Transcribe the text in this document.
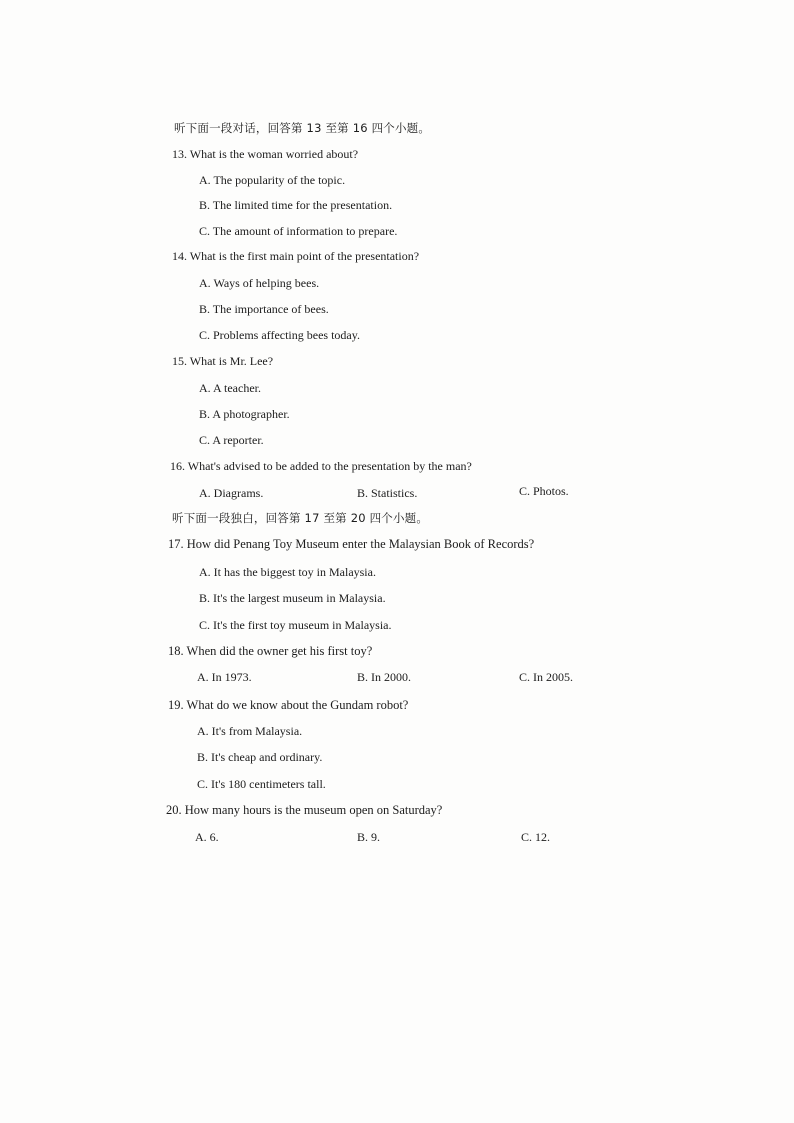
听下面一段对话，回答第 13 至第 16 四个小题。
13. What is the woman worried about?
A. The popularity of the topic.
B. The limited time for the presentation.
C. The amount of information to prepare.
14. What is the first main point of the presentation?
A. Ways of helping bees.
B. The importance of bees.
C. Problems affecting bees today.
15. What is Mr. Lee?
A. A teacher.
B. A photographer.
C. A reporter.
16. What's advised to be added to the presentation by the man?
A. Diagrams.	B. Statistics.	C. Photos.
听下面一段独白，回答第 17 至第 20 四个小题。
17. How did Penang Toy Museum enter the Malaysian Book of Records?
A. It has the biggest toy in Malaysia.
B. It's the largest museum in Malaysia.
C. It's the first toy museum in Malaysia.
18. When did the owner get his first toy?
A. In 1973.	B. In 2000.	C. In 2005.
19. What do we know about the Gundam robot?
A. It's from Malaysia.
B. It's cheap and ordinary.
C. It's 180 centimeters tall.
20. How many hours is the museum open on Saturday?
A. 6.	B. 9.	C. 12.
